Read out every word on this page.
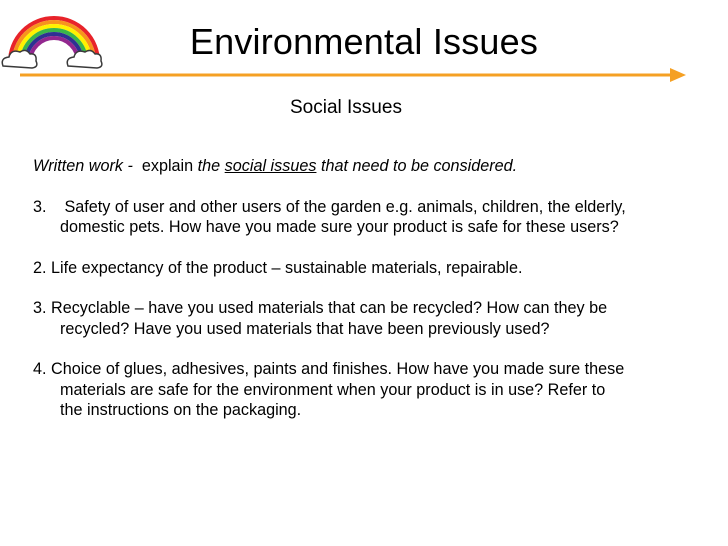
Environmental Issues
Social Issues
Written work - explain the social issues that need to be considered.
3. Safety of user and other users of the garden e.g. animals, children, the elderly,
domestic pets. How have you made sure your product is safe for these users?
2. Life expectancy of the product – sustainable materials, repairable.
3. Recyclable – have you used materials that can be recycled? How can they be
recycled? Have you used materials that have been previously used?
4. Choice of glues, adhesives, paints and finishes. How have you made sure these
materials are safe for the environment when your product is in use? Refer to
the instructions on the packaging.
